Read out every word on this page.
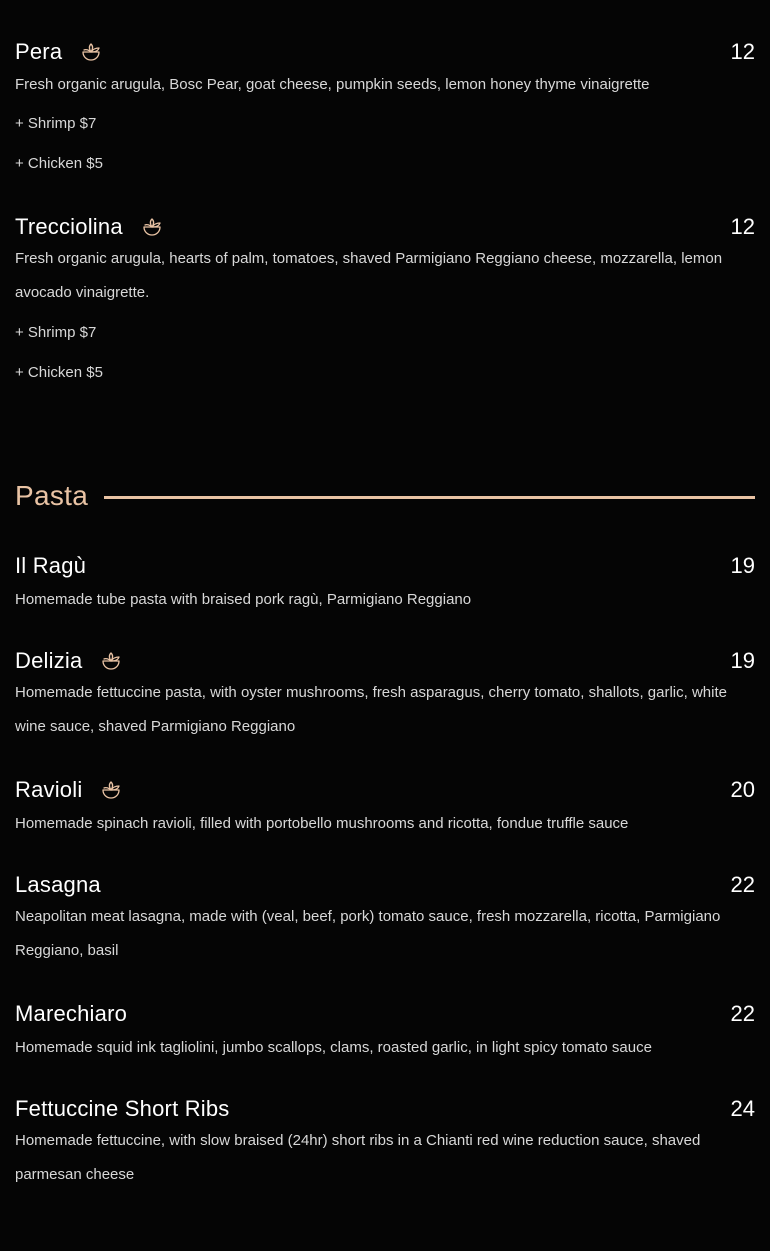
Pera	12
Fresh organic arugula, Bosc Pear, goat cheese, pumpkin seeds, lemon honey thyme vinaigrette
+ Shrimp $7
+ Chicken $5
Trecciolina	12
Fresh organic arugula, hearts of palm, tomatoes, shaved Parmigiano Reggiano cheese, mozzarella, lemon avocado vinaigrette.
+ Shrimp $7
+ Chicken $5
Pasta
Il Ragù	19
Homemade tube pasta with braised pork ragù, Parmigiano Reggiano
Delizia	19
Homemade fettuccine pasta, with oyster mushrooms, fresh asparagus, cherry tomato, shallots, garlic, white wine sauce, shaved Parmigiano Reggiano
Ravioli	20
Homemade spinach ravioli, filled with portobello mushrooms and ricotta, fondue truffle sauce
Lasagna	22
Neapolitan meat lasagna, made with (veal, beef, pork) tomato sauce, fresh mozzarella, ricotta, Parmigiano Reggiano, basil
Marechiaro	22
Homemade squid ink tagliolini, jumbo scallops, clams, roasted garlic, in light spicy tomato sauce
Fettuccine Short Ribs	24
Homemade fettuccine, with slow braised (24hr) short ribs in a Chianti red wine reduction sauce, shaved parmesan cheese
